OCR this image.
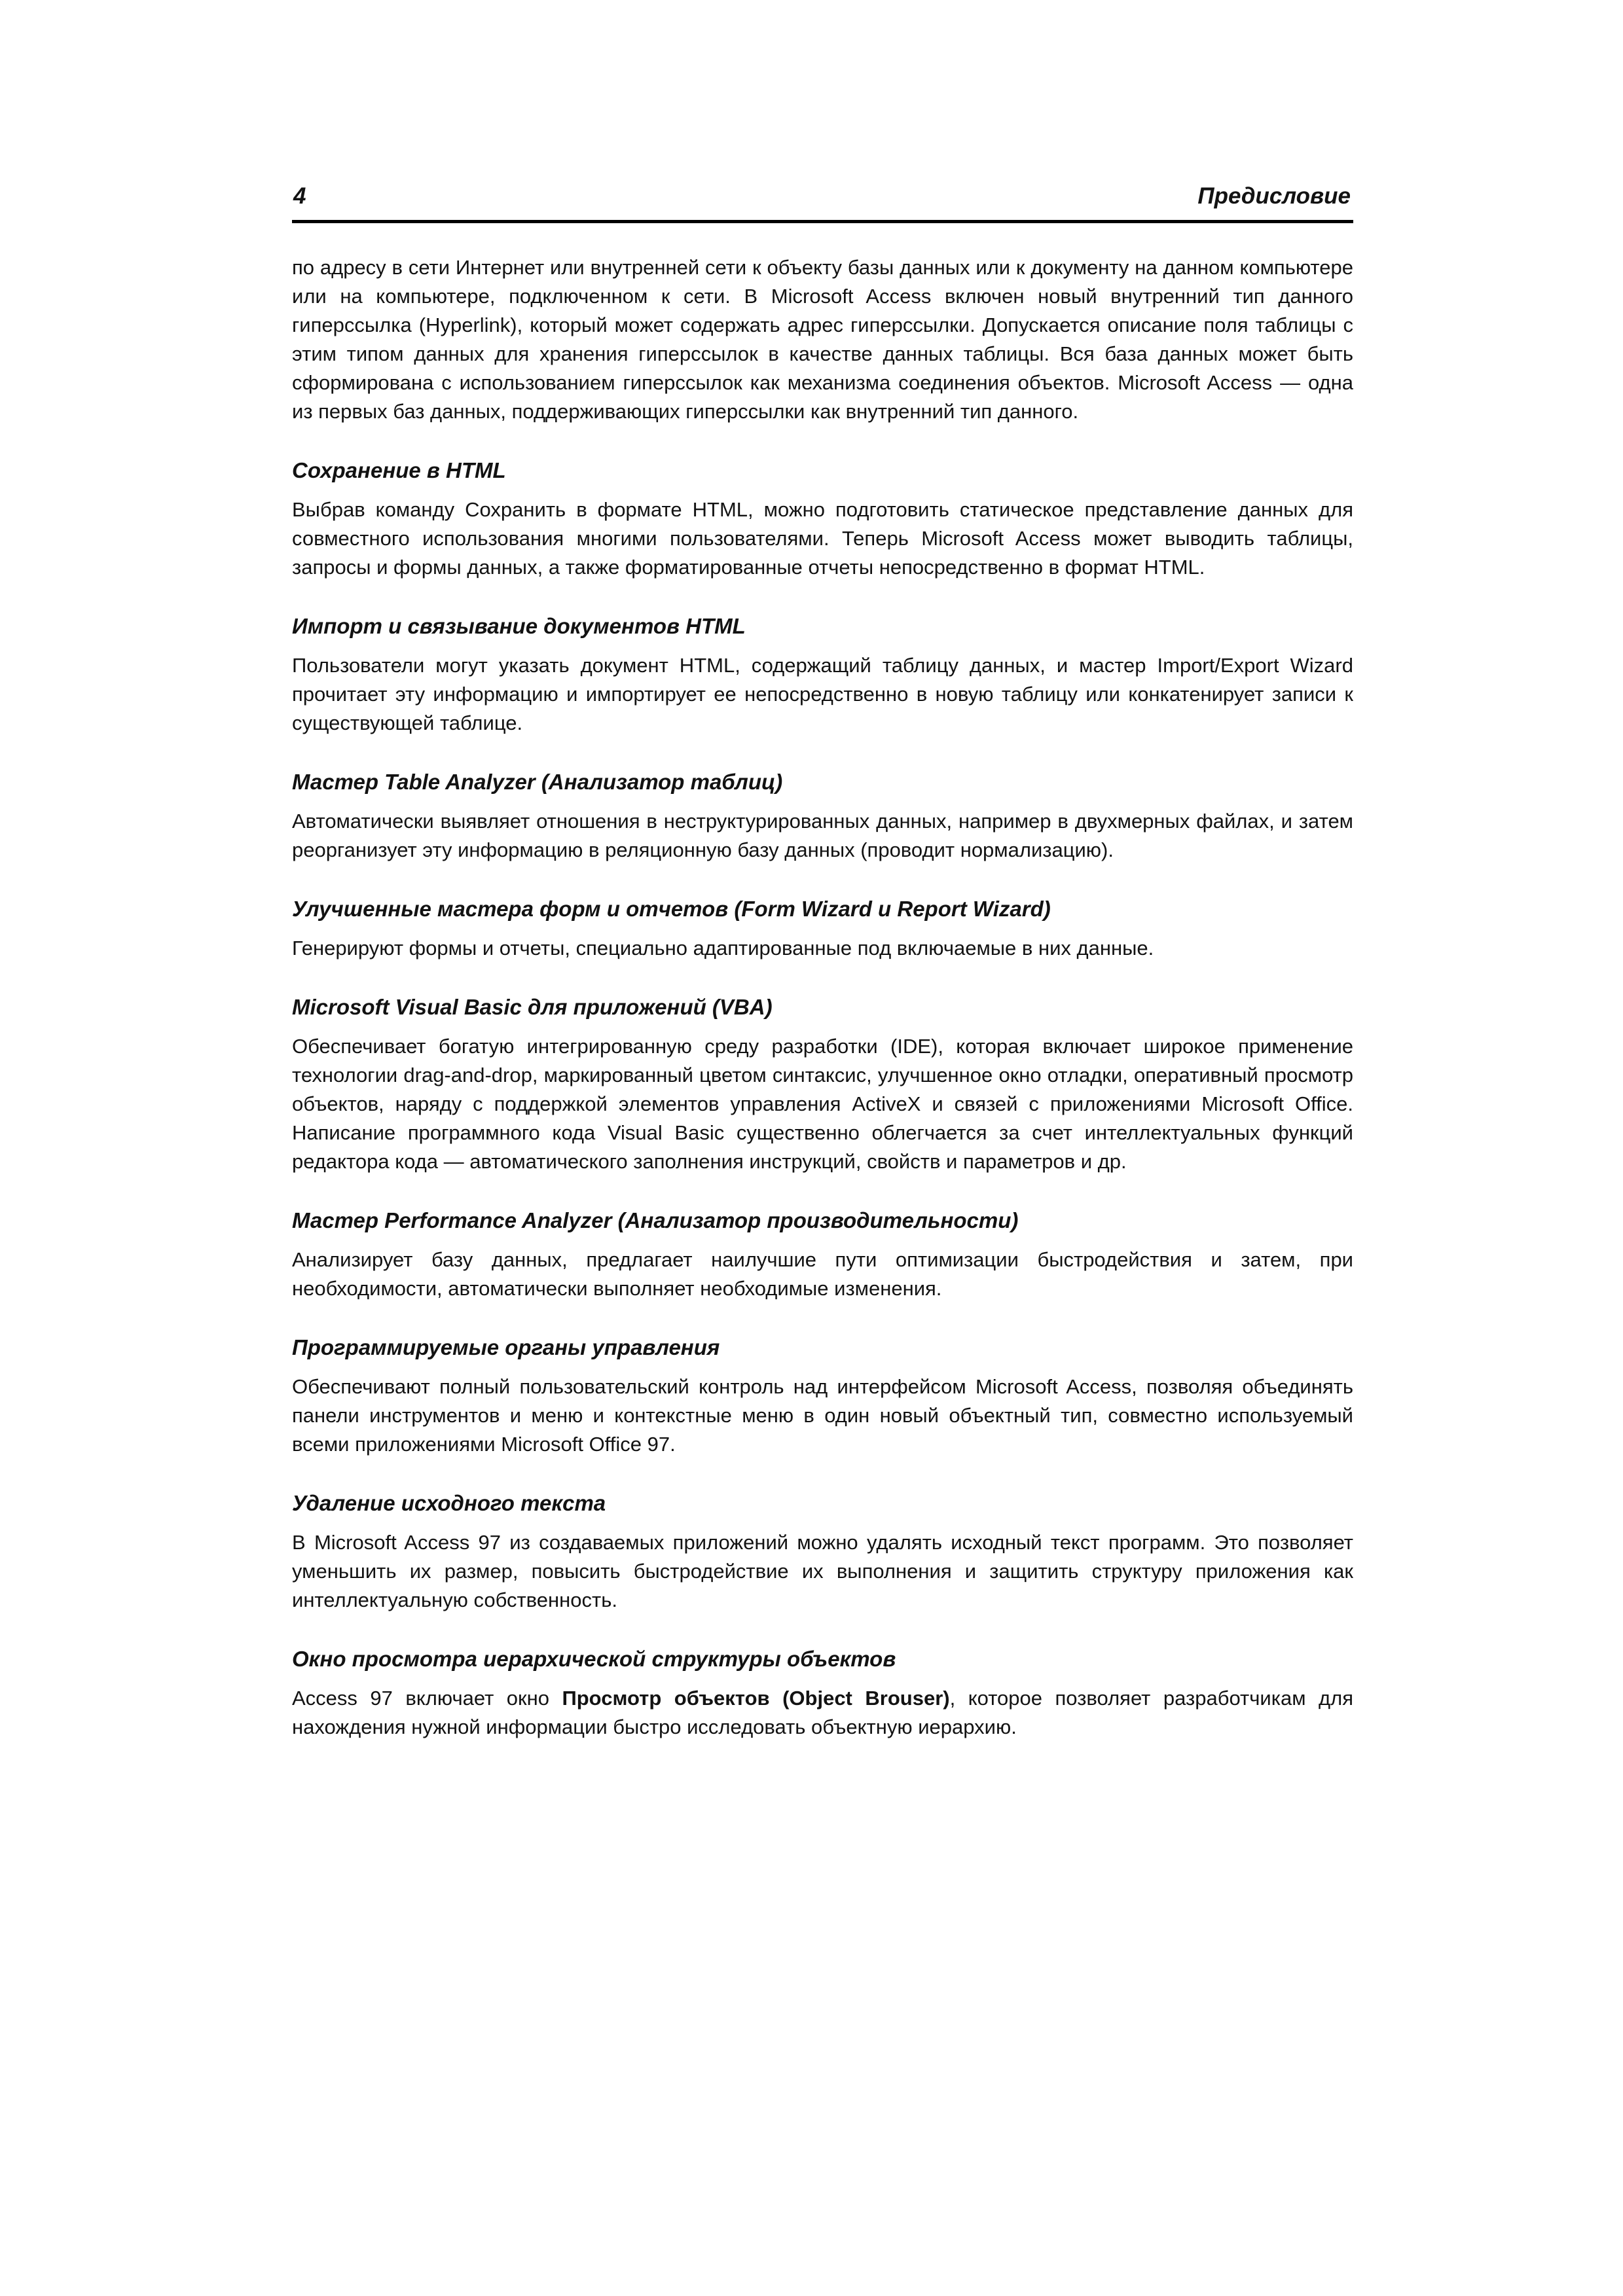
4	Предисловие

по адресу в сети Интернет или внутренней сети к объекту базы данных или к документу на данном компьютере или на компьютере, подключенном к сети. В Microsoft Access включен новый внутренний тип данного гиперссылка (Hyperlink), который может содержать адрес гиперссылки. Допускается описание поля таблицы с этим типом данных для хранения гиперссылок в качестве данных таблицы. Вся база данных может быть сформирована с использованием гиперссылок как механизма соединения объектов. Microsoft Access — одна из первых баз данных, поддерживающих гиперссылки как внутренний тип данного.

Сохранение в HTML

Выбрав команду Сохранить в формате HTML, можно подготовить статическое представление данных для совместного использования многими пользователями. Теперь Microsoft Access может выводить таблицы, запросы и формы данных, а также форматированные отчеты непосредственно в формат HTML.

Импорт и связывание документов HTML

Пользователи могут указать документ HTML, содержащий таблицу данных, и мастер Import/Export Wizard прочитает эту информацию и импортирует ее непосредственно в новую таблицу или конкатенирует записи к существующей таблице.

Мастер Table Analyzer (Анализатор таблиц)

Автоматически выявляет отношения в неструктурированных данных, например в двухмерных файлах, и затем реорганизует эту информацию в реляционную базу данных (проводит нормализацию).

Улучшенные мастера форм и отчетов (Form Wizard и Report Wizard)

Генерируют формы и отчеты, специально адаптированные под включаемые в них данные.

Microsoft Visual Basic для приложений (VBA)

Обеспечивает богатую интегрированную среду разработки (IDE), которая включает широкое применение технологии drag-and-drop, маркированный цветом синтаксис, улучшенное окно отладки, оперативный просмотр объектов, наряду с поддержкой элементов управления ActiveX и связей с приложениями Microsoft Office. Написание программного кода Visual Basic существенно облегчается за счет интеллектуальных функций редактора кода — автоматического заполнения инструкций, свойств и параметров и др.

Мастер Performance Analyzer (Анализатор производительности)

Анализирует базу данных, предлагает наилучшие пути оптимизации быстродействия и затем, при необходимости, автоматически выполняет необходимые изменения.

Программируемые органы управления

Обеспечивают полный пользовательский контроль над интерфейсом Microsoft Access, позволяя объединять панели инструментов и меню и контекстные меню в один новый объектный тип, совместно используемый всеми приложениями Microsoft Office 97.

Удаление исходного текста

В Microsoft Access 97 из создаваемых приложений можно удалять исходный текст программ. Это позволяет уменьшить их размер, повысить быстродействие их выполнения и защитить структуру приложения как интеллектуальную собственность.

Окно просмотра иерархической структуры объектов

Access 97 включает окно Просмотр объектов (Object Brouser), которое позволяет разработчикам для нахождения нужной информации быстро исследовать объектную иерархию.
